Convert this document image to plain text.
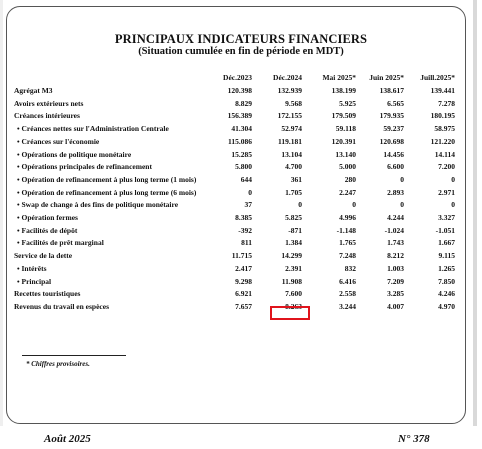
PRINCIPAUX INDICATEURS FINANCIERS
(Situation cumulée en fin de période en MDT)
Déc.2023	Déc.2024	Mai 2025*	Juin 2025*	Juill.2025*
Agrégat M3	120.398	132.939	138.199	138.617	139.441
Avoirs extérieurs nets	8.829	9.568	5.925	6.565	7.278
Créances intérieures	156.389	172.155	179.509	179.935	180.195
• Créances nettes sur l'Administration Centrale	41.304	52.974	59.118	59.237	58.975
• Créances sur l'économie	115.086	119.181	120.391	120.698	121.220
• Opérations de politique monétaire	15.285	13.104	13.140	14.456	14.114
• Opérations principales de refinancement	5.800	4.700	5.000	6.600	7.200
• Opération de refinancement à plus long terme (1 mois)	644	361	280	0	0
• Opération de refinancement à plus long terme (6 mois)	0	1.705	2.247	2.893	2.971
• Swap de change à des fins de politique monétaire	37	0	0	0	0
• Opération fermes	8.385	5.825	4.996	4.244	3.327
• Facilités de dépôt	-392	-871	-1.148	-1.024	-1.051
• Facilités de prêt marginal	811	1.384	1.765	1.743	1.667
Service de la dette	11.715	14.299	7.248	8.212	9.115
• Intérêts	2.417	2.391	832	1.003	1.265
• Principal	9.298	11.908	6.416	7.209	7.850
Recettes touristiques	6.921	7.600	2.558	3.285	4.246
Revenus du travail en espèces	7.657	8.263	3.244	4.007	4.970
* Chiffres provisoires.
Août 2025	N° 378
